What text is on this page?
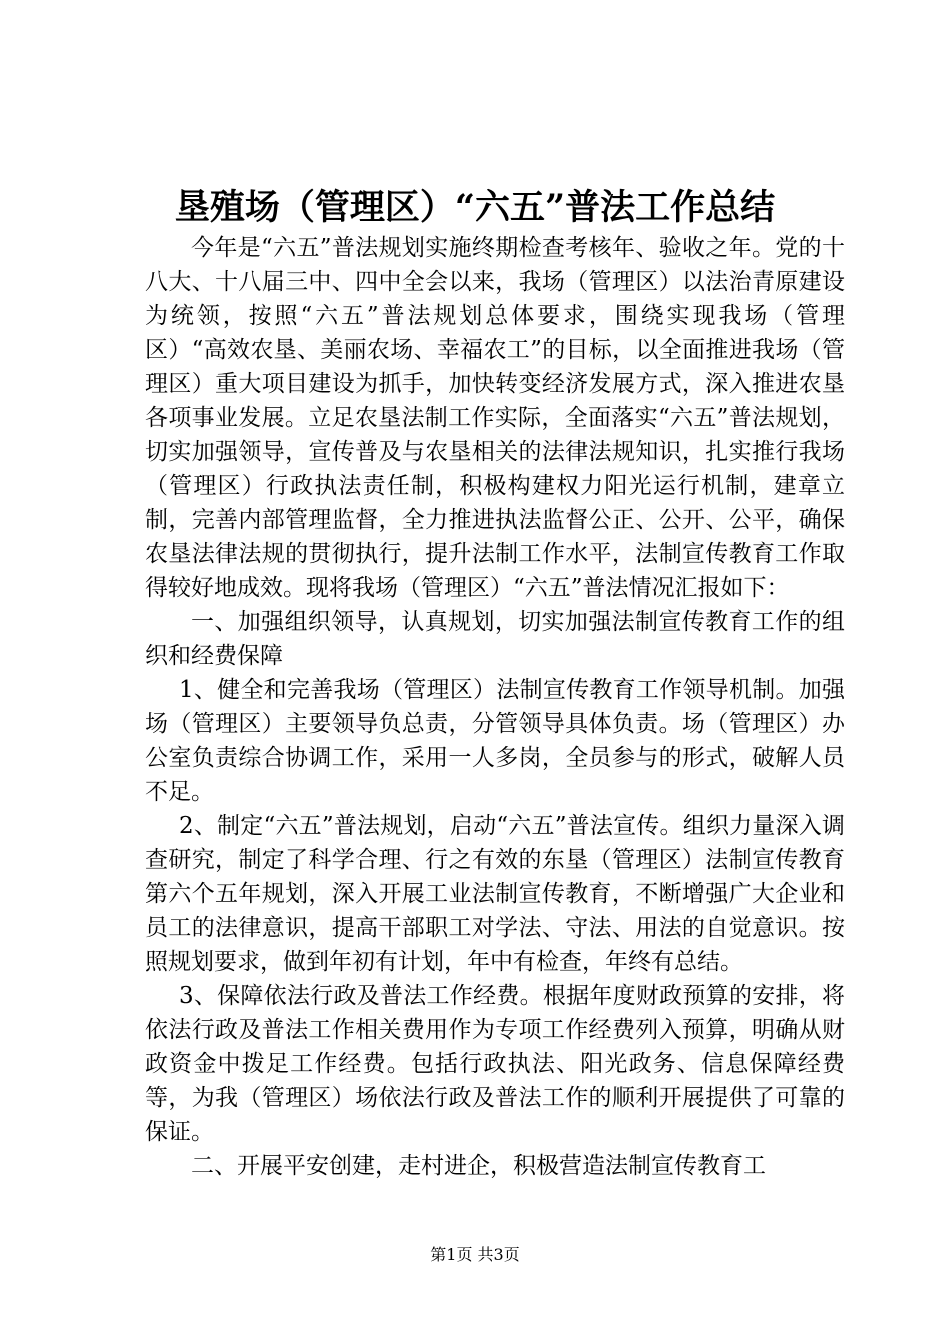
垦殖场（管理区）“六五”普法工作总结

今年是“六五”普法规划实施终期检查考核年、验收之年。党的十八大、十八届三中、四中全会以来，我场（管理区）以法治青原建设为统领，按照“六五”普法规划总体要求，围绕实现我场（管理区）“高效农垦、美丽农场、幸福农工”的目标，以全面推进我场（管理区）重大项目建设为抓手，加快转变经济发展方式，深入推进农垦各项事业发展。立足农垦法制工作实际，全面落实“六五”普法规划，切实加强领导，宣传普及与农垦相关的法律法规知识，扎实推行我场（管理区）行政执法责任制，积极构建权力阳光运行机制，建章立制，完善内部管理监督，全力推进执法监督公正、公开、公平，确保农垦法律法规的贯彻执行，提升法制工作水平，法制宣传教育工作取得较好地成效。现将我场（管理区）“六五”普法情况汇报如下：

一、加强组织领导，认真规划，切实加强法制宣传教育工作的组织和经费保障

1、健全和完善我场（管理区）法制宣传教育工作领导机制。加强场（管理区）主要领导负总责，分管领导具体负责。场（管理区）办公室负责综合协调工作，采用一人多岗，全员参与的形式，破解人员不足。

2、制定“六五”普法规划，启动“六五”普法宣传。组织力量深入调查研究，制定了科学合理、行之有效的东垦（管理区）法制宣传教育第六个五年规划，深入开展工业法制宣传教育，不断增强广大企业和员工的法律意识，提高干部职工对学法、守法、用法的自觉意识。按照规划要求，做到年初有计划，年中有检查，年终有总结。

3、保障依法行政及普法工作经费。根据年度财政预算的安排，将依法行政及普法工作相关费用作为专项工作经费列入预算，明确从财政资金中拨足工作经费。包括行政执法、阳光政务、信息保障经费等，为我（管理区）场依法行政及普法工作的顺利开展提供了可靠的保证。

二、开展平安创建，走村进企，积极营造法制宣传教育工

第1页 共3页
